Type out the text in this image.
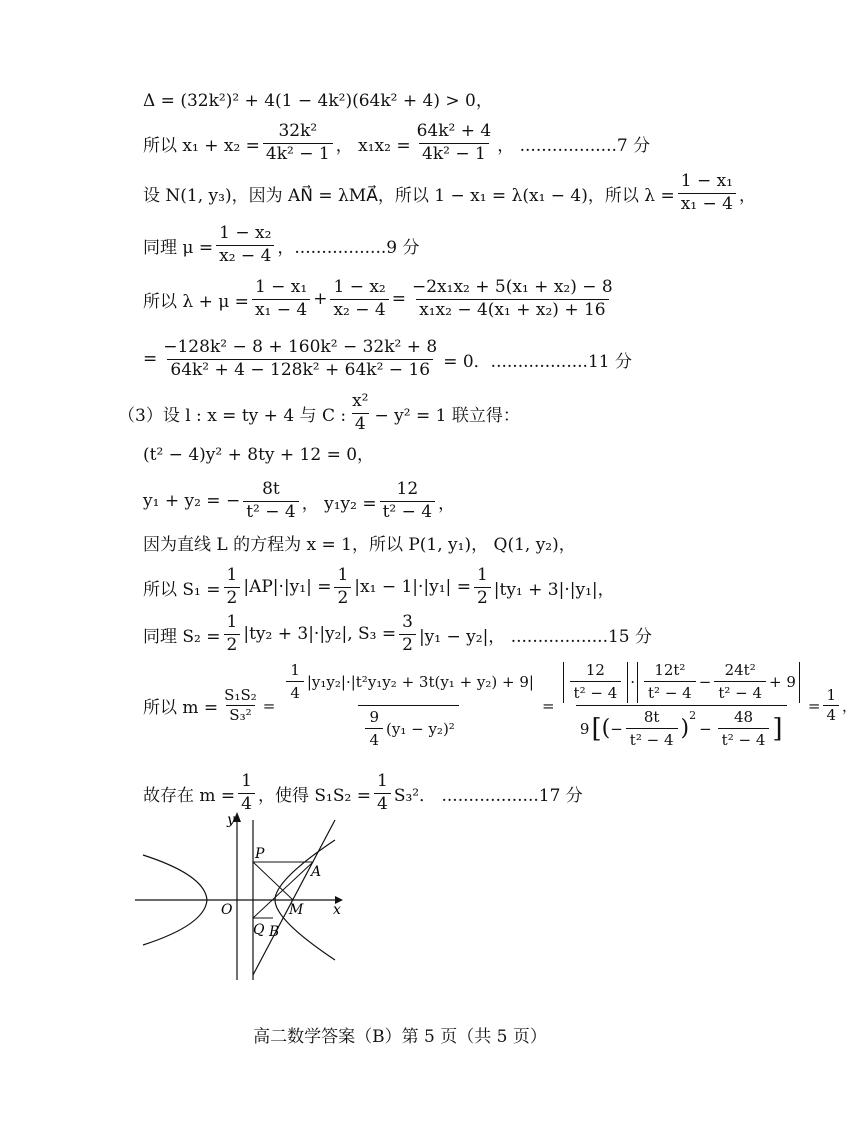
Δ = (32k²)² + 4(1 − 4k²)(64k² + 4) > 0，
所以 $x_1 + x_2 = \frac{\text{32k²}}{\text{4k² − 1}}$ ， $x_1x_2 = \frac{\text{64k² + 4}}{\text{4k² − 1}}$ ， ..................7 分
设 N(1, y₃)，因为 AN⃗ = λMA⃗，所以 1 − x₁ = λ(x₁ − 4)，所以 $\lambda = \frac{\text{1 − x₁}}{\text{x₁ − 4}}$ ，
同理 $\mu = \frac{\text{1 − x₂}}{\text{x₂ − 4}}$ ，.................9 分
所以 $\lambda + \mu = \frac{\text{1 − x₁}}{\text{x₁ − 4}} + \frac{\text{1 − x₂}}{\text{x₂ − 4}} = \frac{\text{−2x₁x₂ + 5(x₁ + x₂) − 8}}{\text{x₁x₂ − 4(x₁ + x₂) + 16}}$
= $\frac{\text{−128k² − 8 + 160k² − 32k² + 8}}{\text{64k² + 4 − 128k² + 64k² − 16}} = 0$．..................11 分
（3）设 l : x = ty + 4 与 C : $\frac{\text{x²}}{4} - y^2 = 1$ 联立得：
(t² − 4)y² + 8ty + 12 = 0，
y₁ + y₂ = − $\frac{8t}{\text{t² − 4}}$ ， $y_1y_2 = \frac{12}{\text{t² − 4}}$ ，
因为直线 L 的方程为 x = 1，所以 P(1, y₁)， Q(1, y₂)，
所以 $S_1 = \frac{1}{2} |AP|\cdot|y_1| = \frac{1}{2} |x_1 - 1|\cdot|y_1| = \frac{1}{2} |ty_1 + 3|\cdot|y_1|$，
同理 $S_2 = \frac{1}{2} |ty_2 + 3|\cdot|y_2|$, $S_3 = \frac{3}{2} |y_1 - y_2|$， ..................15 分
所以 $m = \frac{\text{S₁S₂}}{\text{S₃²}} = \frac{\frac{1}{4} |y_1y_2|\cdot|t^2y_1y_2 + 3t(y_1 + y_2) + 9|}{\frac{9}{4} (y_1 - y_2)^2}$ =
$\frac{12}{\text{t² − 4}} \cdot \frac{\text{12t²}}{\text{t² − 4}} - \frac{\text{24t²}}{\text{t² − 4}} + 9$
9 [ ( − $\frac{8t}{\text{t² − 4}}$ )
$^2$
− $\frac{48}{\text{t² − 4}}$ ]
= $\frac{1}{4}$ ，
故存在 $m = \frac{1}{4}$ ，使得 $S_1S_2 = \frac{1}{4} S_3^2$． ..................17 分
y
x
O
P
A
M
Q B
高二数学答案（B）第 5 页（共 5 页）
